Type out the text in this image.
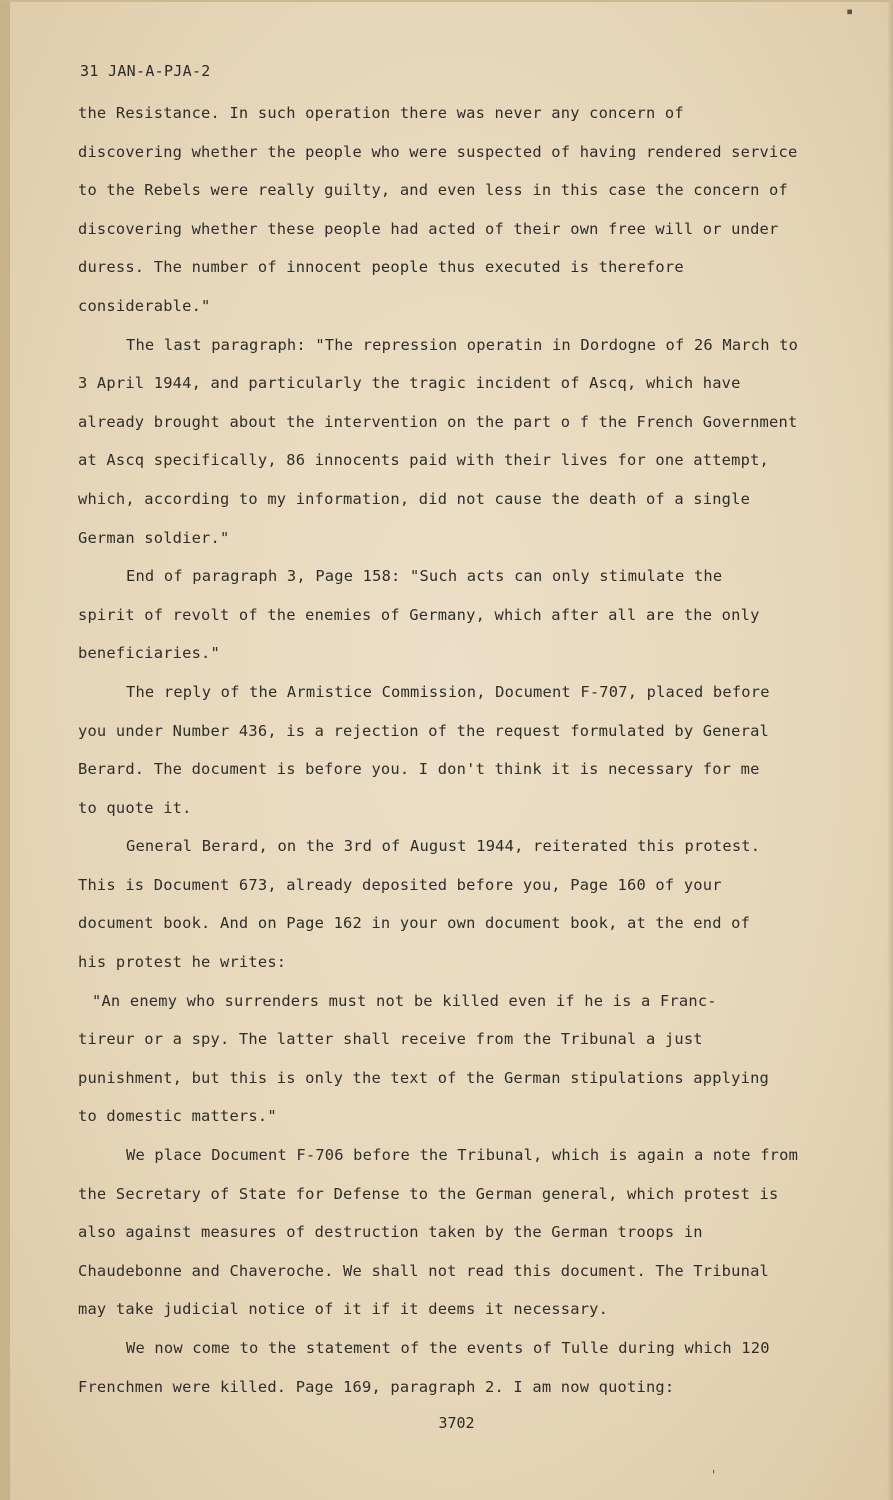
31 JAN-A-PJA-2
the Resistance. In such operation there was never any concern of
discovering whether the people who were suspected of having rendered service
to the Rebels were really guilty, and even less in this case the concern of
discovering whether these people had acted of their own free will or under
duress. The number of innocent people thus executed is therefore
considerable."
The last paragraph: "The repression operatin in Dordogne of 26 March to
3 April 1944, and particularly the tragic incident of Ascq, which have
already brought about the intervention on the part o f the French Government
at Ascq specifically, 86 innocents paid with their lives for one attempt,
which, according to my information, did not cause the death of a single
German soldier."
End of paragraph 3, Page 158: "Such acts can only stimulate the
spirit of revolt of the enemies of Germany, which after all are the only
beneficiaries."
The reply of the Armistice Commission, Document F-707, placed before
you under Number 436, is a rejection of the request formulated by General
Berard. The document is before you. I don't think it is necessary for me
to quote it.
General Berard, on the 3rd of August 1944, reiterated this protest.
This is Document 673, already deposited before you, Page 160 of your
document book. And on Page 162 in your own document book, at the end of
his protest he writes:
"An enemy who surrenders must not be killed even if he is a Franc-
tireur or a spy. The latter shall receive from the Tribunal a just
punishment, but this is only the text of the German stipulations applying
to domestic matters."
We place Document F-706 before the Tribunal, which is again a note from
the Secretary of State for Defense to the German general, which protest is
also against measures of destruction taken by the German troops in
Chaudebonne and Chaveroche. We shall not read this document. The Tribunal
may take judicial notice of it if it deems it necessary.
We now come to the statement of the events of Tulle during which 120
Frenchmen were killed. Page 169, paragraph 2. I am now quoting:
3702
▪
'
